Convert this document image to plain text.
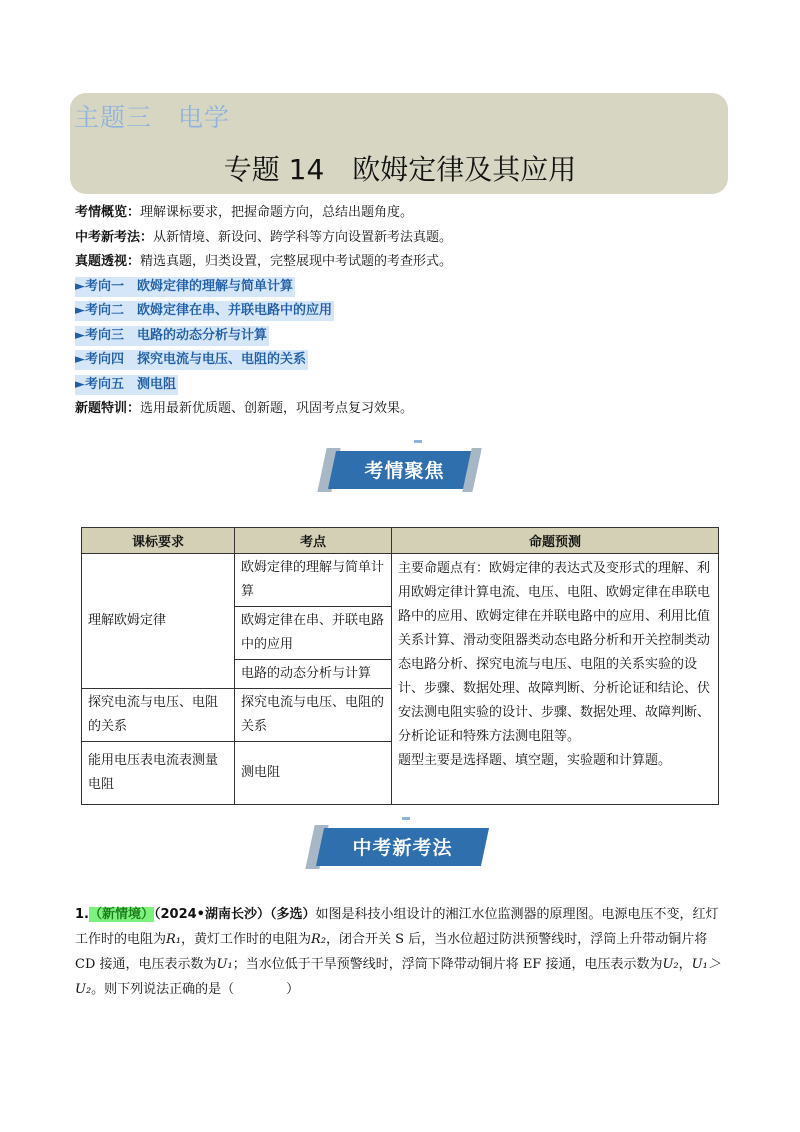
主题三　电学
专题 14　欧姆定律及其应用
考情概览：理解课标要求，把握命题方向，总结出题角度。
中考新考法：从新情境、新设问、跨学科等方向设置新考法真题。
真题透视：精选真题，归类设置，完整展现中考试题的考查形式。
►考向一　欧姆定律的理解与简单计算
►考向二　欧姆定律在串、并联电路中的应用
►考向三　电路的动态分析与计算
►考向四　探究电流与电压、电阻的关系
►考向五　测电阻
新题特训：选用最新优质题、创新题，巩固考点复习效果。
考情聚焦
课标要求	考点	命题预测
理解欧姆定律	欧姆定律的理解与简单计算	主要命题点有：欧姆定律的表达式及变形式的理解、利用欧姆定律计算电流、电压、电阻、欧姆定律在串联电路中的应用、欧姆定律在并联电路中的应用、利用比值关系计算、滑动变阻器类动态电路分析和开关控制类动态电路分析、探究电流与电压、电阻的关系实验的设计、步骤、数据处理、故障判断、分析论证和结论、伏安法测电阻实验的设计、步骤、数据处理、故障判断、分析论证和特殊方法测电阻等。
题型主要是选择题、填空题，实验题和计算题。

	欧姆定律在串、并联电路中的应用	
	电路的动态分析与计算	
探究电流与电压、电阻的关系	探究电流与电压、电阻的关系	
能用电压表电流表测量电阻	测电阻	
中考新考法
1.（新情境）（2024•湖南长沙）（多选）如图是科技小组设计的湘江水位监测器的原理图。电源电压不变，红灯工作时的电阻为R₁，黄灯工作时的电阻为R₂，闭合开关 S 后，当水位超过防洪预警线时，浮筒上升带动铜片将 CD 接通，电压表示数为U₁；当水位低于干旱预警线时，浮筒下降带动铜片将 EF 接通，电压表示数为U₂，U₁＞U₂。则下列说法正确的是（　　　　）
